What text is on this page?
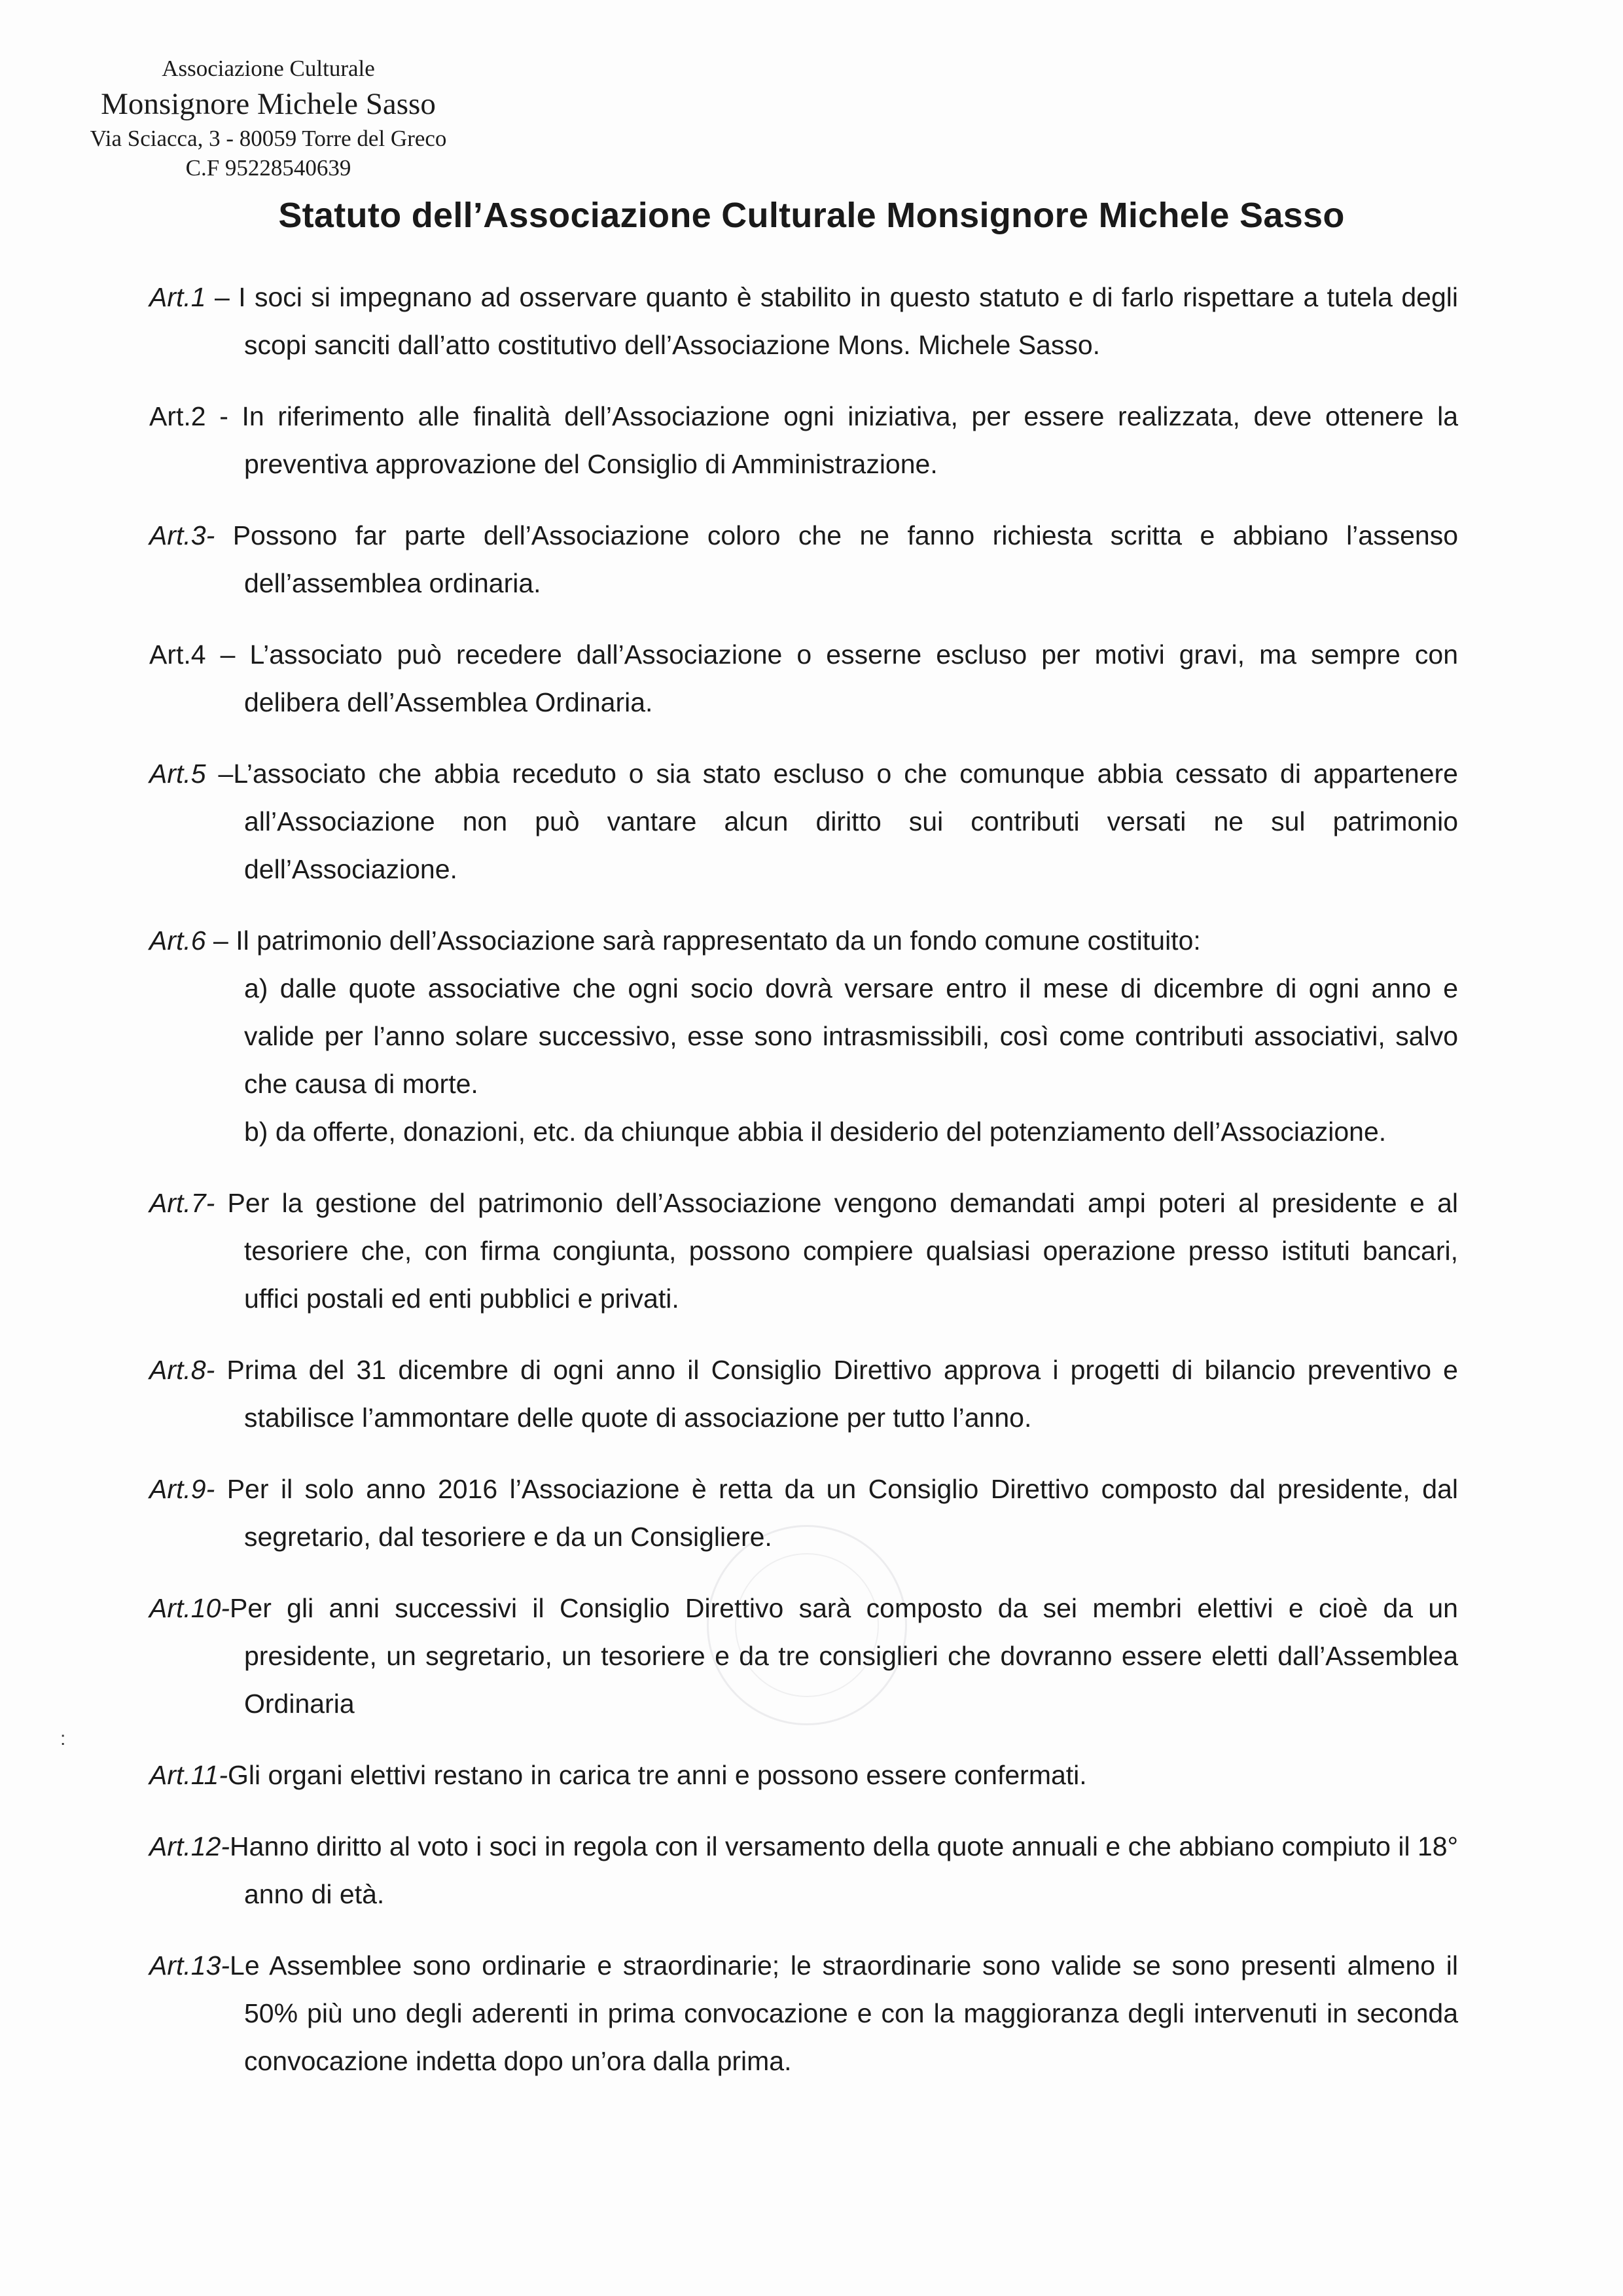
Associazione Culturale
Monsignore Michele Sasso
Via Sciacca, 3 - 80059 Torre del Greco
C.F 95228540639
Statuto dell’Associazione Culturale Monsignore Michele Sasso
Art.1 – I soci si impegnano ad osservare quanto è stabilito in questo statuto e di farlo rispettare a tutela degli scopi sanciti dall’atto costitutivo dell’Associazione Mons. Michele Sasso.
Art.2 - In riferimento alle finalità dell’Associazione ogni iniziativa, per essere realizzata, deve ottenere la preventiva approvazione del Consiglio di Amministrazione.
Art.3- Possono far parte dell’Associazione coloro che ne fanno richiesta scritta e abbiano l’assenso dell’assemblea ordinaria.
Art.4 – L’associato può recedere dall’Associazione o esserne escluso per motivi gravi, ma sempre con delibera dell’Assemblea Ordinaria.
Art.5 –L’associato che abbia receduto o sia stato escluso o che comunque abbia cessato di appartenere all’Associazione non può vantare alcun diritto sui contributi versati ne sul patrimonio dell’Associazione.
Art.6 – Il patrimonio dell’Associazione sarà rappresentato da un fondo comune costituito:
a) dalle quote associative che ogni socio dovrà versare entro il mese di dicembre di ogni anno e valide per l’anno solare successivo, esse sono intrasmissibili, così come contributi associativi, salvo che causa di morte.
b) da offerte, donazioni, etc. da chiunque abbia il desiderio del potenziamento dell’Associazione.
Art.7- Per la gestione del patrimonio dell’Associazione vengono demandati ampi poteri al presidente e al tesoriere che, con firma congiunta, possono compiere qualsiasi operazione presso istituti bancari, uffici postali ed enti pubblici e privati.
Art.8- Prima del 31 dicembre di ogni anno il Consiglio Direttivo approva i progetti di bilancio preventivo e stabilisce l’ammontare delle quote di associazione per tutto l’anno.
Art.9- Per il solo anno 2016 l’Associazione è retta da un Consiglio Direttivo composto dal presidente, dal segretario, dal tesoriere e da un Consigliere.
Art.10-Per gli anni successivi il Consiglio Direttivo sarà composto da sei membri elettivi e cioè da un presidente, un segretario, un tesoriere e da tre consiglieri che dovranno essere eletti dall’Assemblea Ordinaria
Art.11-Gli organi elettivi restano in carica tre anni e possono essere confermati.
Art.12-Hanno diritto al voto i soci in regola con il versamento della quote annuali e che abbiano compiuto il 18° anno di età.
Art.13-Le Assemblee sono ordinarie e straordinarie; le straordinarie sono valide se sono presenti almeno il 50% più uno degli aderenti in prima convocazione e con la maggioranza degli intervenuti in seconda convocazione indetta dopo un’ora dalla prima.
:
